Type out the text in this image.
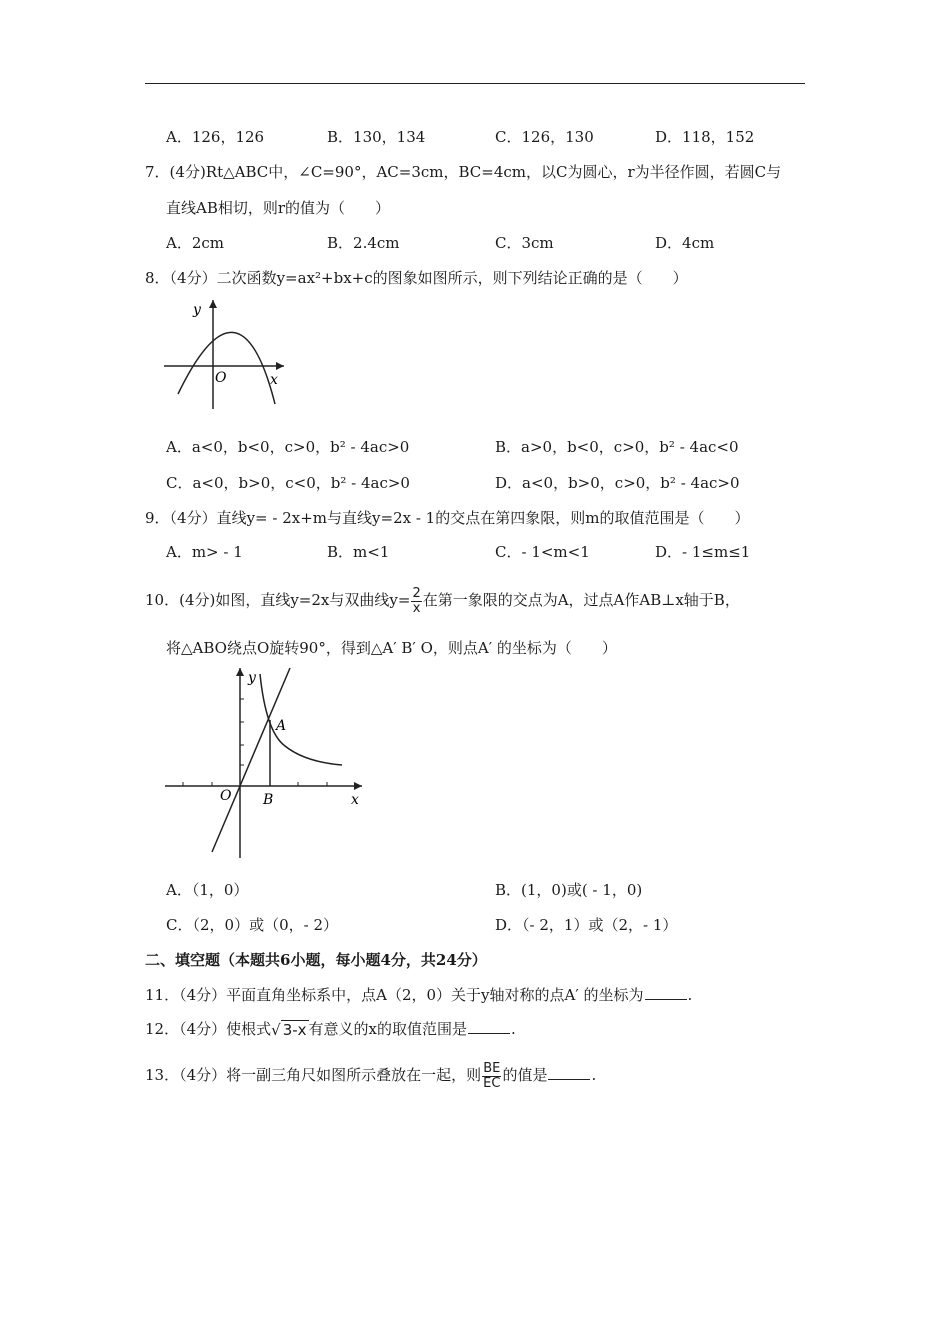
A．126，126	B．130，134	C．126，130	D．118，152
7．(4分)Rt△ABC中，∠C=90°，AC=3cm，BC=4cm，以C为圆心，r为半径作圆，若圆C与
直线AB相切，则r的值为（　　）
A．2cm	B．2.4cm	C．3cm	D．4cm
8．（4分）二次函数y=ax²+bx+c的图象如图所示，则下列结论正确的是（　　）
y
x
O
A．a<0，b<0，c>0，b² - 4ac>0	B．a>0，b<0，c>0，b² - 4ac<0
C．a<0，b>0，c<0，b² - 4ac>0	D．a<0，b>0，c>0，b² - 4ac>0
9．（4分）直线y= - 2x+m与直线y=2x - 1的交点在第四象限，则m的取值范围是（　　）
A．m> - 1	B．m<1	C．- 1<m<1	D．- 1≤m≤1
10．(4分)如图，直线y=2x与双曲线$y= \frac{2}{x}$ 在第一象限的交点为A，过点A作AB⊥x轴于B，
将△ABO绕点O旋转90°，得到△A′ B′ O，则点A′ 的坐标为（　　）
y
x
O
A
B
A．（1，0）	B．(1，0)或( - 1，0)
C．（2，0）或（0，- 2）	D．（- 2，1）或（2，- 1）
二、填空题（本题共6小题，每小题4分，共24分）
11．（4分）平面直角坐标系中，点A（2，0）关于y轴对称的点A′ 的坐标为	.
12．（4分）使根式√ 3-x 有意义的x的取值范围是	.
13．（4分）将一副三角尺如图所示叠放在一起，则 $\frac{BE}{EC}$ 的值是	.
